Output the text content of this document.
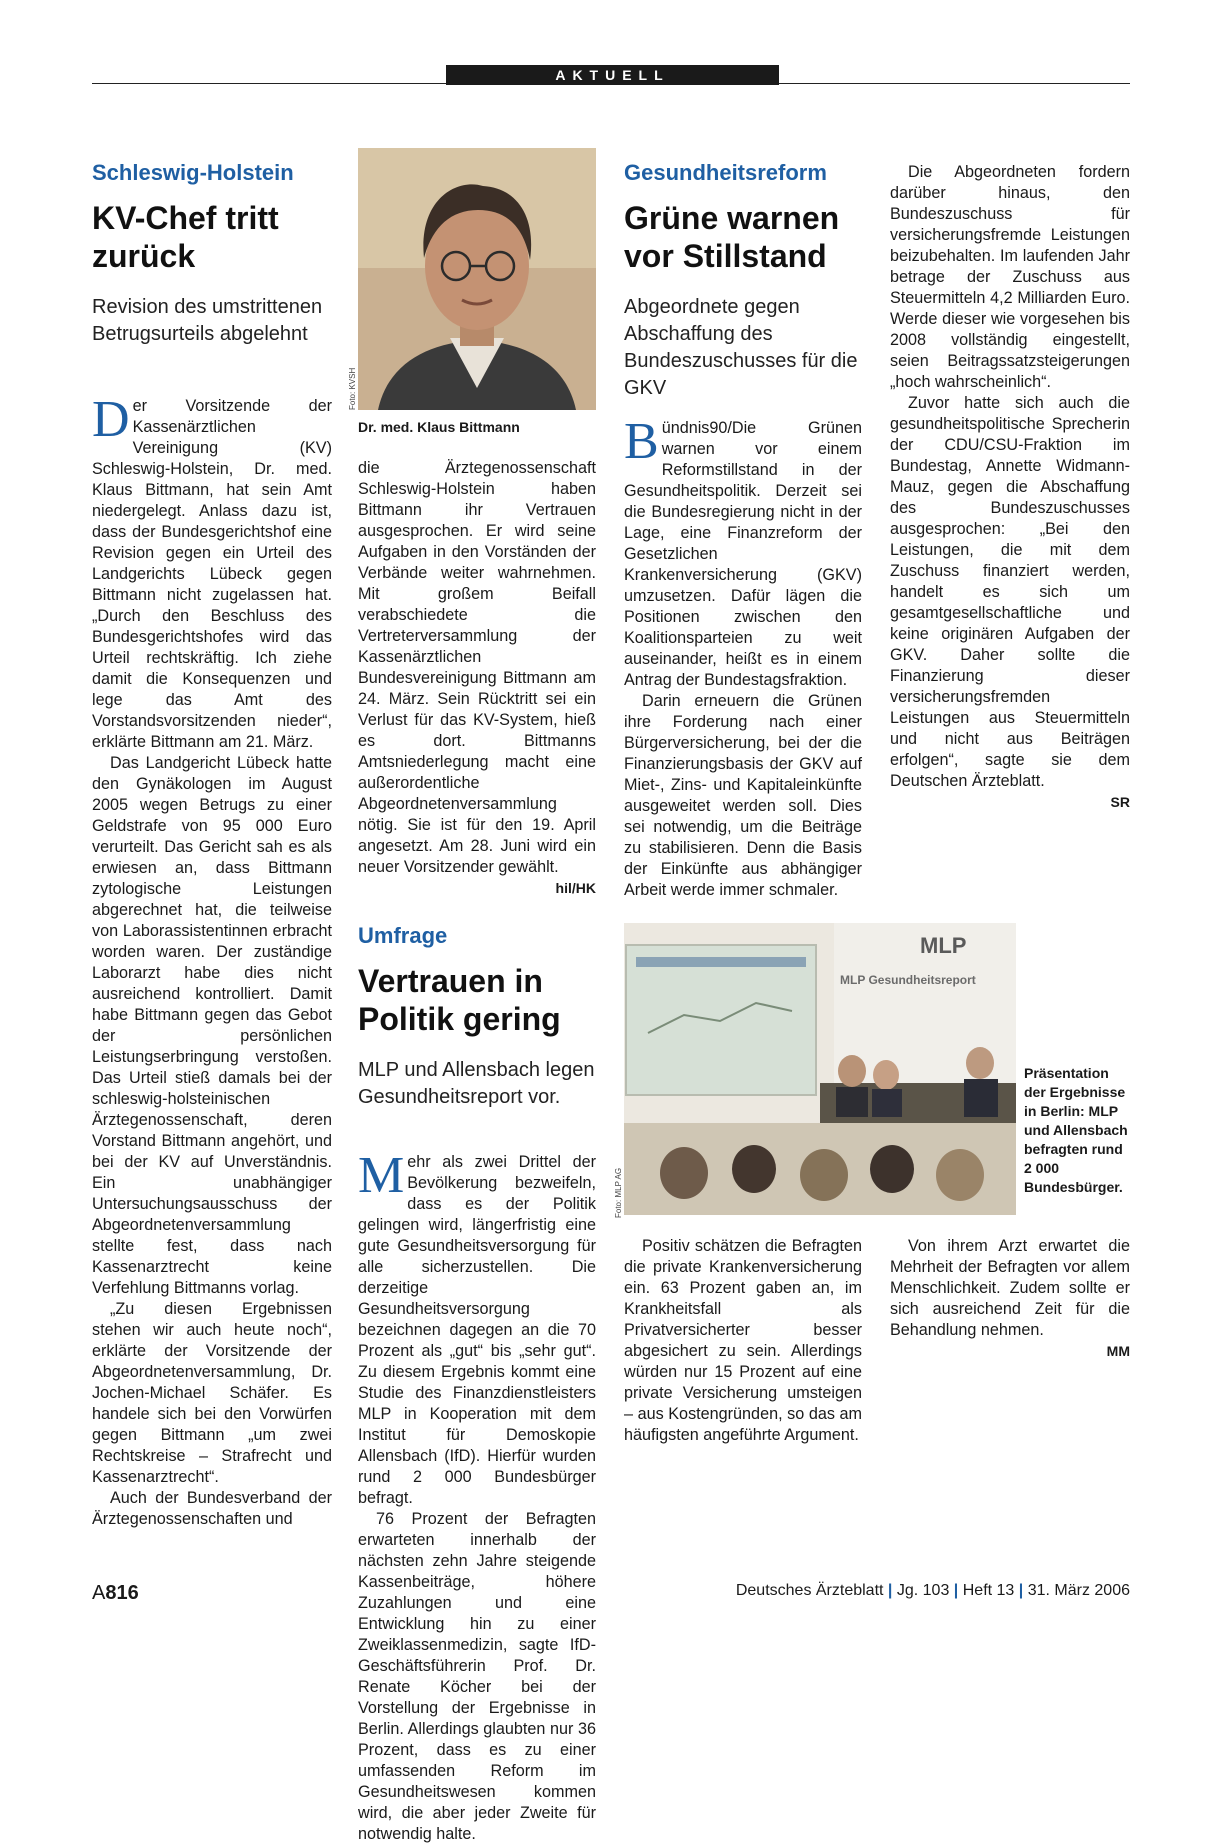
AKTUELL
Schleswig-Holstein
KV-Chef tritt zurück
Revision des umstrittenen Betrugsurteils abgelehnt
Foto: KVSH
Dr. med. Klaus Bittmann

Der Vorsitzende der Kassenärztlichen Vereinigung (KV) Schleswig-Holstein, Dr. med. Klaus Bittmann, hat sein Amt niedergelegt. Anlass dazu ist, dass der Bundesgerichtshof eine Revision gegen ein Urteil des Landgerichts Lübeck gegen Bittmann nicht zugelassen hat. „Durch den Beschluss des Bundesgerichtshofes wird das Urteil rechtskräftig. Ich ziehe damit die Konsequenzen und lege das Amt des Vorstandsvorsitzenden nieder“, erklärte Bittmann am 21. März.

Das Landgericht Lübeck hatte den Gynäkologen im August 2005 wegen Betrugs zu einer Geldstrafe von 95 000 Euro verurteilt. Das Gericht sah es als erwiesen an, dass Bittmann zytologische Leistungen abgerechnet hat, die teilweise von Laborassistentinnen erbracht worden waren. Der zuständige Laborarzt habe dies nicht ausreichend kontrolliert. Damit habe Bittmann gegen das Gebot der persönlichen Leistungserbringung verstoßen. Das Urteil stieß damals bei der schleswig-holsteinischen Ärztegenossenschaft, deren Vorstand Bittmann angehört, und bei der KV auf Unverständnis. Ein unabhängiger Untersuchungsausschuss der Abgeordnetenversammlung stellte fest, dass nach Kassenarztrecht keine Verfehlung Bittmanns vorlag.

„Zu diesen Ergebnissen stehen wir auch heute noch“, erklärte der Vorsitzende der Abgeordnetenversammlung, Dr. Jochen-Michael Schäfer. Es handele sich bei den Vorwürfen gegen Bittmann „um zwei Rechtskreise – Strafrecht und Kassenarztrecht“.

Auch der Bundesverband der Ärztegenossenschaften und

die Ärztegenossenschaft Schleswig-Holstein haben Bittmann ihr Vertrauen ausgesprochen. Er wird seine Aufgaben in den Vorständen der Verbände weiter wahrnehmen. Mit großem Beifall verabschiedete die Vertreterversammlung der Kassenärztlichen Bundesvereinigung Bittmann am 24. März. Sein Rücktritt sei ein Verlust für das KV-System, hieß es dort. Bittmanns Amtsniederlegung macht eine außerordentliche Abgeordnetenversammlung nötig. Sie ist für den 19. April angesetzt. Am 28. Juni wird ein neuer Vorsitzender gewählt.
hil/HK

Gesundheitsreform
Grüne warnen vor Stillstand
Abgeordnete gegen Abschaffung des Bundeszuschusses für die GKV

Bündnis90/Die Grünen warnen vor einem Reformstillstand in der Gesundheitspolitik. Derzeit sei die Bundesregierung nicht in der Lage, eine Finanzreform der Gesetzlichen Krankenversicherung (GKV) umzusetzen. Dafür lägen die Positionen zwischen den Koalitionsparteien zu weit auseinander, heißt es in einem Antrag der Bundestagsfraktion.

Darin erneuern die Grünen ihre Forderung nach einer Bürgerversicherung, bei der die Finanzierungsbasis der GKV auf Miet-, Zins- und Kapitaleinkünfte ausgeweitet werden soll. Dies sei notwendig, um die Beiträge zu stabilisieren. Denn die Basis der Einkünfte aus abhängiger Arbeit werde immer schmaler.

Die Abgeordneten fordern darüber hinaus, den Bundeszuschuss für versicherungsfremde Leistungen beizubehalten. Im laufenden Jahr betrage der Zuschuss aus Steuermitteln 4,2 Milliarden Euro. Werde dieser wie vorgesehen bis 2008 vollständig eingestellt, seien Beitragssatzsteigerungen „hoch wahrscheinlich“.

Zuvor hatte sich auch die gesundheitspolitische Sprecherin der CDU/CSU-Fraktion im Bundestag, Annette Widmann-Mauz, gegen die Abschaffung des Bundeszuschusses ausgesprochen: „Bei den Leistungen, die mit dem Zuschuss finanziert werden, handelt es sich um gesamtgesellschaftliche und keine originären Aufgaben der GKV. Daher sollte die Finanzierung dieser versicherungsfremden Leistungen aus Steuermitteln und nicht aus Beiträgen erfolgen“, sagte sie dem Deutschen Ärzteblatt.

SR

Umfrage
Vertrauen in Politik gering
MLP und Allensbach legen Gesundheitsreport vor.
MLP
MLP Gesundheitsreport
Foto: MLP AG
Präsentation der Ergebnisse in Berlin: MLP und Allensbach befragten rund 2 000 Bundesbürger.

Mehr als zwei Drittel der Bevölkerung bezweifeln, dass es der Politik gelingen wird, längerfristig eine gute Gesundheitsversorgung für alle sicherzustellen. Die derzeitige Gesundheitsversorgung bezeichnen dagegen an die 70 Prozent als „gut“ bis „sehr gut“. Zu diesem Ergebnis kommt eine Studie des Finanzdienstleisters MLP in Kooperation mit dem Institut für Demoskopie Allensbach (IfD). Hierfür wurden rund 2 000 Bundesbürger befragt.

76 Prozent der Befragten erwarteten innerhalb der nächsten zehn Jahre steigende Kassenbeiträge, höhere Zuzahlungen und eine Entwicklung hin zu einer Zweiklassenmedizin, sagte IfD-Geschäftsführerin Prof. Dr. Renate Köcher bei der Vorstellung der Ergebnisse in Berlin. Allerdings glaubten nur 36 Prozent, dass es zu einer umfassenden Reform im Gesundheitswesen kommen wird, die aber jeder Zweite für notwendig halte.

Von ihrem Arzt erwartet die Mehrheit der Befragten vor allem Menschlichkeit. Zudem sollte er sich ausreichend Zeit für die Behandlung nehmen.

MM

Positiv schätzen die Befragten die private Krankenversicherung ein. 63 Prozent gaben an, im Krankheitsfall als Privatversicherter besser abgesichert zu sein. Allerdings würden nur 15 Prozent auf eine private Versicherung umsteigen – aus Kostengründen, so das am häufigsten angeführte Argument.

A816	Deutsches Ärzteblatt | Jg. 103 | Heft 13 | 31. März 2006
